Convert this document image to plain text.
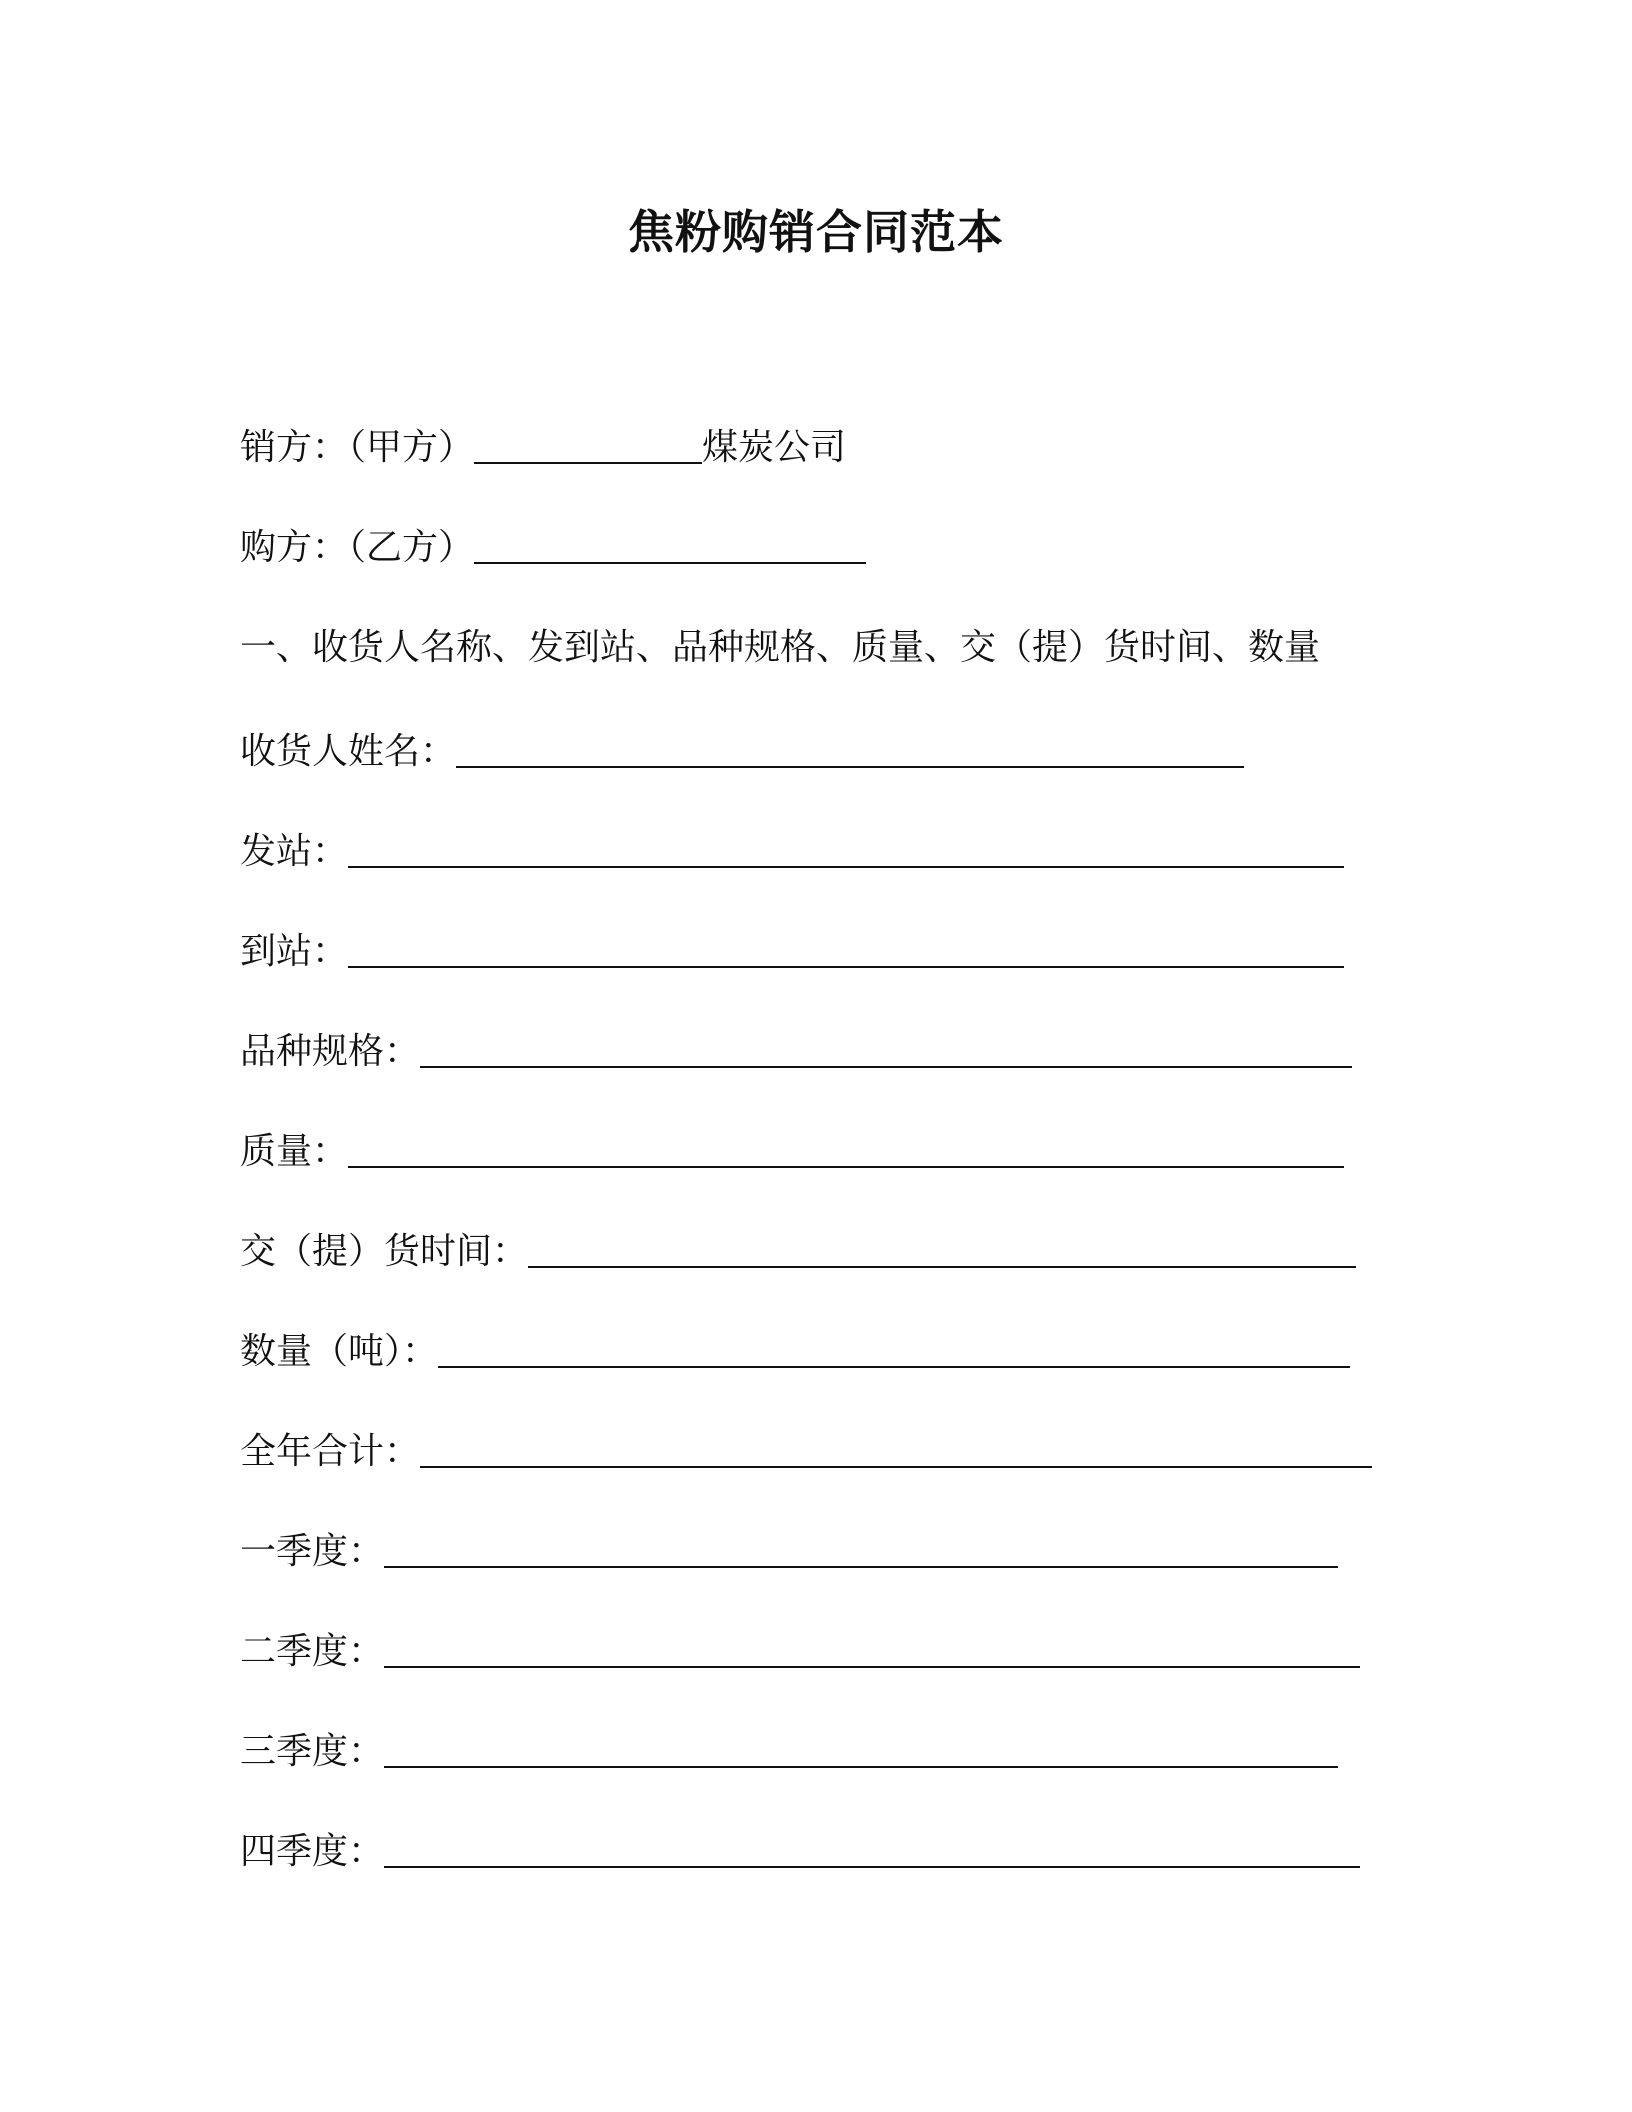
焦粉购销合同范本
销方：（甲方）	煤炭公司
购方：（乙方）
一、收货人名称、发到站、品种规格、质量、交（提）货时间、数量
收货人姓名：
发站：
到站：
品种规格：
质量：
交（提）货时间：
数量（吨）：
全年合计：
一季度：
二季度：
三季度：
四季度：
